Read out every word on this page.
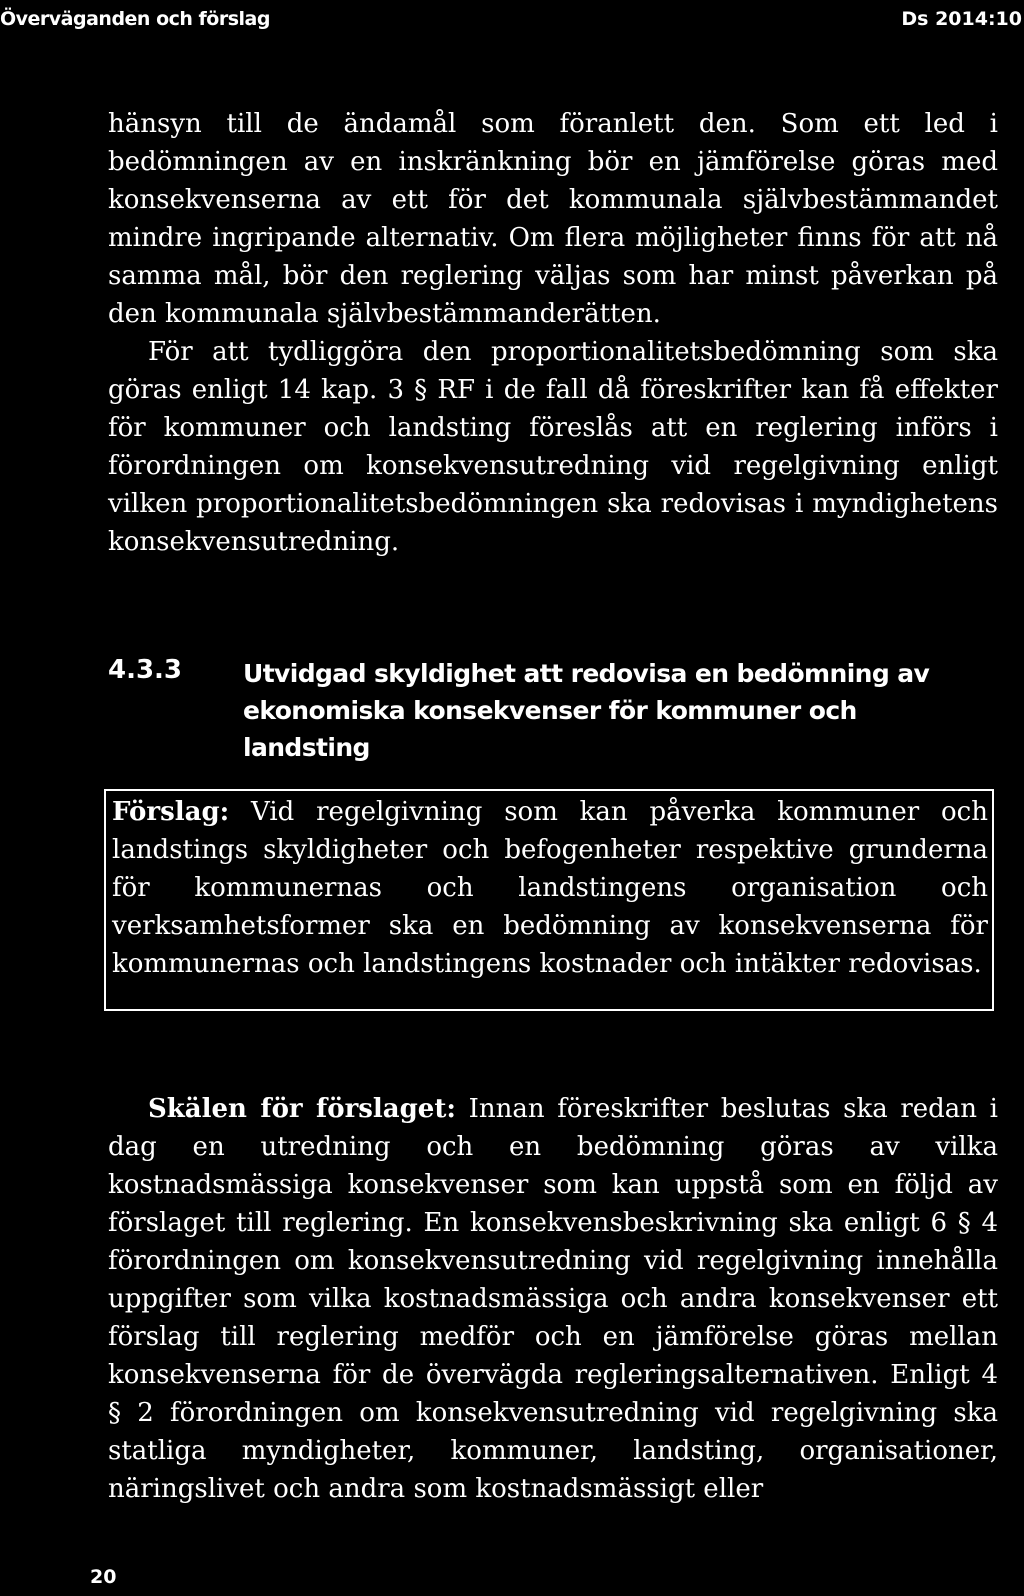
Överväganden och förslag	Ds 2014:10

hänsyn till de ändamål som föranlett den. Som ett led i bedömningen av en inskränkning bör en jämförelse göras med konsekvenserna av ett för det kommunala självbestämmandet mindre ingripande alternativ. Om flera möjligheter finns för att nå samma mål, bör den reglering väljas som har minst påverkan på den kommunala självbestämmanderätten.

För att tydliggöra den proportionalitetsbedömning som ska göras enligt 14 kap. 3 § RF i de fall då föreskrifter kan få effekter för kommuner och landsting föreslås att en reglering införs i förordningen om konsekvensutredning vid regelgivning enligt vilken proportionalitetsbedömningen ska redovisas i myndighetens konsekvensutredning.

4.3.3 Utvidgad skyldighet att redovisa en bedömning av ekonomiska konsekvenser för kommuner och landsting

Förslag: Vid regelgivning som kan påverka kommuner och landstings skyldigheter och befogenheter respektive grunderna för kommunernas och landstingens organisation och verksamhetsformer ska en bedömning av konsekvenserna för kommunernas och landstingens kostnader och intäkter redovisas.

Skälen för förslaget: Innan föreskrifter beslutas ska redan i dag en utredning och en bedömning göras av vilka kostnadsmässiga konsekvenser som kan uppstå som en följd av förslaget till reglering. En konsekvensbeskrivning ska enligt 6 § 4 förordningen om konsekvensutredning vid regelgivning innehålla uppgifter som vilka kostnadsmässiga och andra konsekvenser ett förslag till reglering medför och en jämförelse göras mellan konsekvenserna för de övervägda regleringsalternativen. Enligt 4 § 2 förordningen om konsekvensutredning vid regelgivning ska statliga myndigheter, kommuner, landsting, organisationer, näringslivet och andra som kostnadsmässigt eller

20
